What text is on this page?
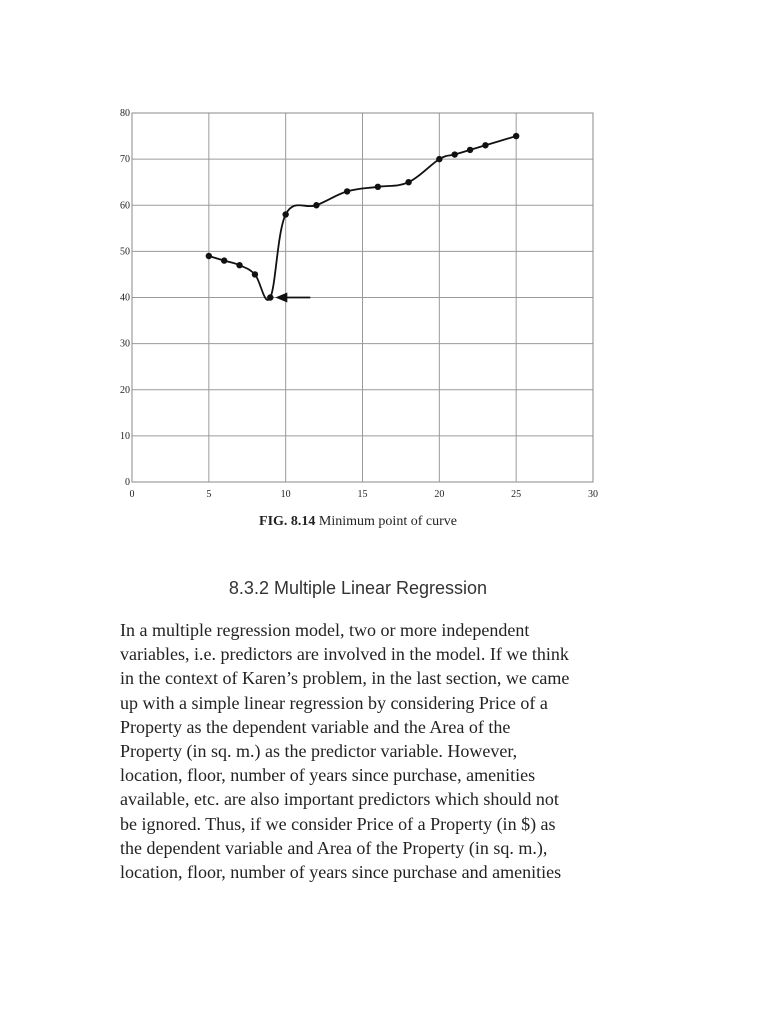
0	5	10	15	20	25	30
0
10
20
30
40
50
60
70
80
FIG. 8.14 Minimum point of curve
8.3.2 Multiple Linear Regression

In a multiple regression model, two or more independent
variables, i.e. predictors are involved in the model. If we think
in the context of Karen’s problem, in the last section, we came
up with a simple linear regression by considering Price of a
Property as the dependent variable and the Area of the
Property (in sq. m.) as the predictor variable. However,
location, floor, number of years since purchase, amenities
available, etc. are also important predictors which should not
be ignored. Thus, if we consider Price of a Property (in $) as
the dependent variable and Area of the Property (in sq. m.),
location, floor, number of years since purchase and amenities
